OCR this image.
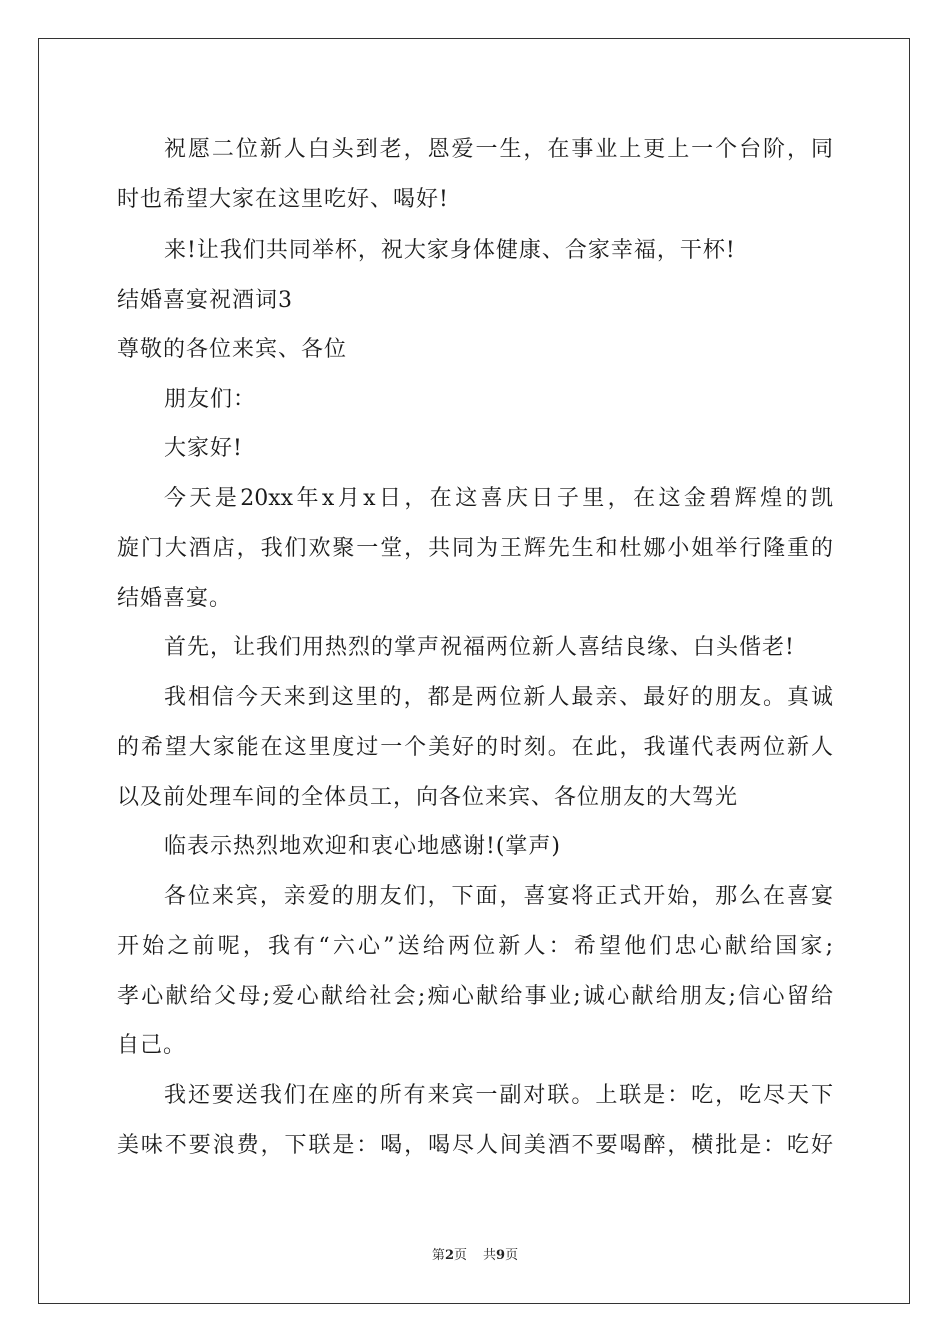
祝愿二位新人白头到老，恩爱一生，在事业上更上一个台阶，同
时也希望大家在这里吃好、喝好!
来!让我们共同举杯，祝大家身体健康、合家幸福，干杯!
结婚喜宴祝酒词3
尊敬的各位来宾、各位
朋友们：
大家好!
今天是20xx年x月x日，在这喜庆日子里，在这金碧辉煌的凯
旋门大酒店，我们欢聚一堂，共同为王辉先生和杜娜小姐举行隆重的
结婚喜宴。
首先，让我们用热烈的掌声祝福两位新人喜结良缘、白头偕老!
我相信今天来到这里的，都是两位新人最亲、最好的朋友。真诚
的希望大家能在这里度过一个美好的时刻。在此，我谨代表两位新人
以及前处理车间的全体员工，向各位来宾、各位朋友的大驾光
临表示热烈地欢迎和衷心地感谢!(掌声)
各位来宾，亲爱的朋友们，下面，喜宴将正式开始，那么在喜宴
开始之前呢，我有“六心”送给两位新人：希望他们忠心献给国家;
孝心献给父母;爱心献给社会;痴心献给事业;诚心献给朋友;信心留给
自己。
我还要送我们在座的所有来宾一副对联。上联是：吃，吃尽天下
美味不要浪费，下联是：喝，喝尽人间美酒不要喝醉，横批是：吃好
第2页 共9页
